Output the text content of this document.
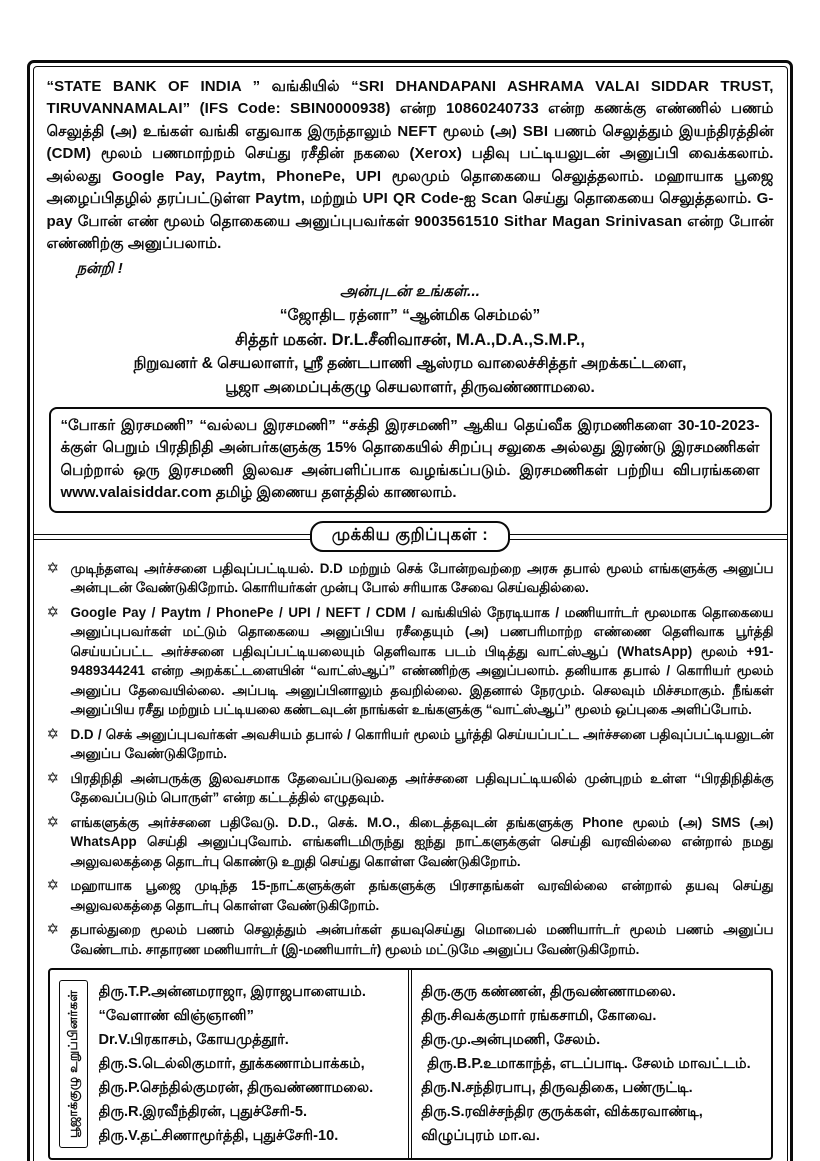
“STATE BANK OF INDIA ” வங்கியில் “SRI DHANDAPANI ASHRAMA VALAI SIDDAR TRUST, TIRUVANNAMALAI” (IFS Code: SBIN0000938) என்ற 10860240733 என்ற கணக்கு எண்ணில் பணம் செலுத்தி (அ) உங்கள் வங்கி எதுவாக இருந்தாலும் NEFT மூலம் (அ) SBI பணம் செலுத்தும் இயந்திரத்தின் (CDM) மூலம் பணமாற்றம் செய்து ரசீதின் நகலை (Xerox) பதிவு பட்டியலுடன் அனுப்பி வைக்கலாம். அல்லது Google Pay, Paytm, PhonePe, UPI மூலமும் தொகையை செலுத்தலாம். மஹாயாக பூஜை அழைப்பிதழில் தரப்பட்டுள்ள Paytm, மற்றும் UPI QR Code-ஐ Scan செய்து தொகையை செலுத்தலாம். G-pay போன் எண் மூலம் தொகையை அனுப்புபவர்கள் 9003561510 Sithar Magan Srinivasan என்ற போன் எண்ணிற்கு அனுப்பலாம்.

நன்றி !
அன்புடன் உங்கள்...
“ஜோதிட ரத்னா” “ஆன்மிக செம்மல்”
சித்தர் மகன். Dr.L.சீனிவாசன், M.A.,D.A.,S.M.P.,
நிறுவனர் & செயலாளர், ஸ்ரீ தண்டபாணி ஆஸ்ரம வாலைச்சித்தர் அறக்கட்டளை,
பூஜா அமைப்புக்குழு செயலாளர், திருவண்ணாமலை.
“போகர் இரசமணி” “வல்லப இரசமணி” “சக்தி இரசமணி” ஆகிய தெய்வீக இரமணிகளை 30-10-2023-க்குள் பெறும் பிரதிநிதி அன்பர்களுக்கு 15% தொகையில் சிறப்பு சலுகை அல்லது இரண்டு இரசமணிகள் பெற்றால் ஒரு இரசமணி இலவச அன்பளிப்பாக வழங்கப்படும். இரசமணிகள் பற்றிய விபரங்களை www.valaisiddar.com தமிழ் இணைய தளத்தில் காணலாம்.
முக்கிய குறிப்புகள் :
✡ முடிந்தளவு அர்ச்சனை பதிவுப்பட்டியல். D.D மற்றும் செக் போன்றவற்றை அரசு தபால் மூலம் எங்களுக்கு அனுப்ப அன்புடன் வேண்டுகிறோம். கொரியர்கள் முன்பு போல் சரியாக சேவை செய்வதில்லை.

✡ Google Pay / Paytm / PhonePe / UPI / NEFT / CDM / வங்கியில் நேரடியாக / மணியார்டர் மூலமாக தொகையை அனுப்புபவர்கள் மட்டும் தொகையை அனுப்பிய ரசீதையும் (அ) பணபரிமாற்ற எண்ணை தெளிவாக பூர்த்தி செய்யப்பட்ட அர்ச்சனை பதிவுப்பட்டியலையும் தெளிவாக படம் பிடித்து வாட்ஸ்ஆப் (WhatsApp) மூலம் +91-9489344241 என்ற அறக்கட்டளையின் “வாட்ஸ்ஆப்” எண்ணிற்கு அனுப்பலாம். தனியாக தபால் / கொரியர் மூலம் அனுப்ப தேவையில்லை. அப்படி அனுப்பினாலும் தவறில்லை. இதனால் நேரமும். செலவும் மிச்சமாகும். நீங்கள் அனுப்பிய ரசீது மற்றும் பட்டியலை கண்டவுடன் நாங்கள் உங்களுக்கு “வாட்ஸ்ஆப்” மூலம் ஒப்புகை அளிப்போம்.

✡ D.D / செக் அனுப்புபவர்கள் அவசியம் தபால் / கொரியர் மூலம் பூர்த்தி செய்யப்பட்ட அர்ச்சனை பதிவுப்பட்டியலுடன் அனுப்ப வேண்டுகிறோம்.

✡ பிரதிநிதி அன்பருக்கு இலவசமாக தேவைப்படுவதை அர்ச்சனை பதிவுபட்டியலில் முன்புறம் உள்ள “பிரதிநிதிக்கு தேவைப்படும் பொருள்” என்ற கட்டத்தில் எழுதவும்.

✡ எங்களுக்கு அர்ச்சனை பதிவேடு. D.D., செக். M.O., கிடைத்தவுடன் தங்களுக்கு Phone மூலம் (அ) SMS (அ) WhatsApp செய்தி அனுப்புவோம். எங்களிடமிருந்து ஐந்து நாட்களுக்குள் செய்தி வரவில்லை என்றால் நமது அலுவலகத்தை தொடர்பு கொண்டு உறுதி செய்து கொள்ள வேண்டுகிறோம்.

✡ மஹாயாக பூஜை முடிந்த 15-நாட்களுக்குள் தங்களுக்கு பிரசாதங்கள் வரவில்லை என்றால் தயவு செய்து அலுவலகத்தை தொடர்பு கொள்ள வேண்டுகிறோம்.

✡ தபால்துறை மூலம் பணம் செலுத்தும் அன்பர்கள் தயவுசெய்து மொபைல் மணியார்டர் மூலம் பணம் அனுப்ப வேண்டாம். சாதாரண மணியார்டர் (இ-மணியார்டர்) மூலம் மட்டுமே அனுப்ப வேண்டுகிறோம்.

பூஜாக்குழு உறுப்பினர்கள் திரு.T.P.அன்னமராஜா, இராஜபாளையம்.
“வேளாண் விஞ்ஞானி”
Dr.V.பிரகாசம், கோயமுத்தூர்.
திரு.S.டெல்லிகுமார், தூக்கணாம்பாக்கம்,
திரு.P.செந்தில்குமரன், திருவண்ணாமலை.
திரு.R.இரவீந்திரன், புதுச்சேரி-5.
திரு.V.தட்சிணாமூர்த்தி, புதுச்சேரி-10.
திரு.குரு கண்ணன், திருவண்ணாமலை.
திரு.சிவக்குமார் ரங்கசாமி, கோவை.
திரு.மு.அன்புமணி, சேலம்.
திரு.B.P.உமாகாந்த், எடப்பாடி. சேலம் மாவட்டம்.
திரு.N.சந்திரபாபு, திருவதிகை, பண்ருட்டி.
திரு.S.ரவிச்சந்திர குருக்கள், விக்கரவாண்டி,
விழுப்புரம் மா.வ.
